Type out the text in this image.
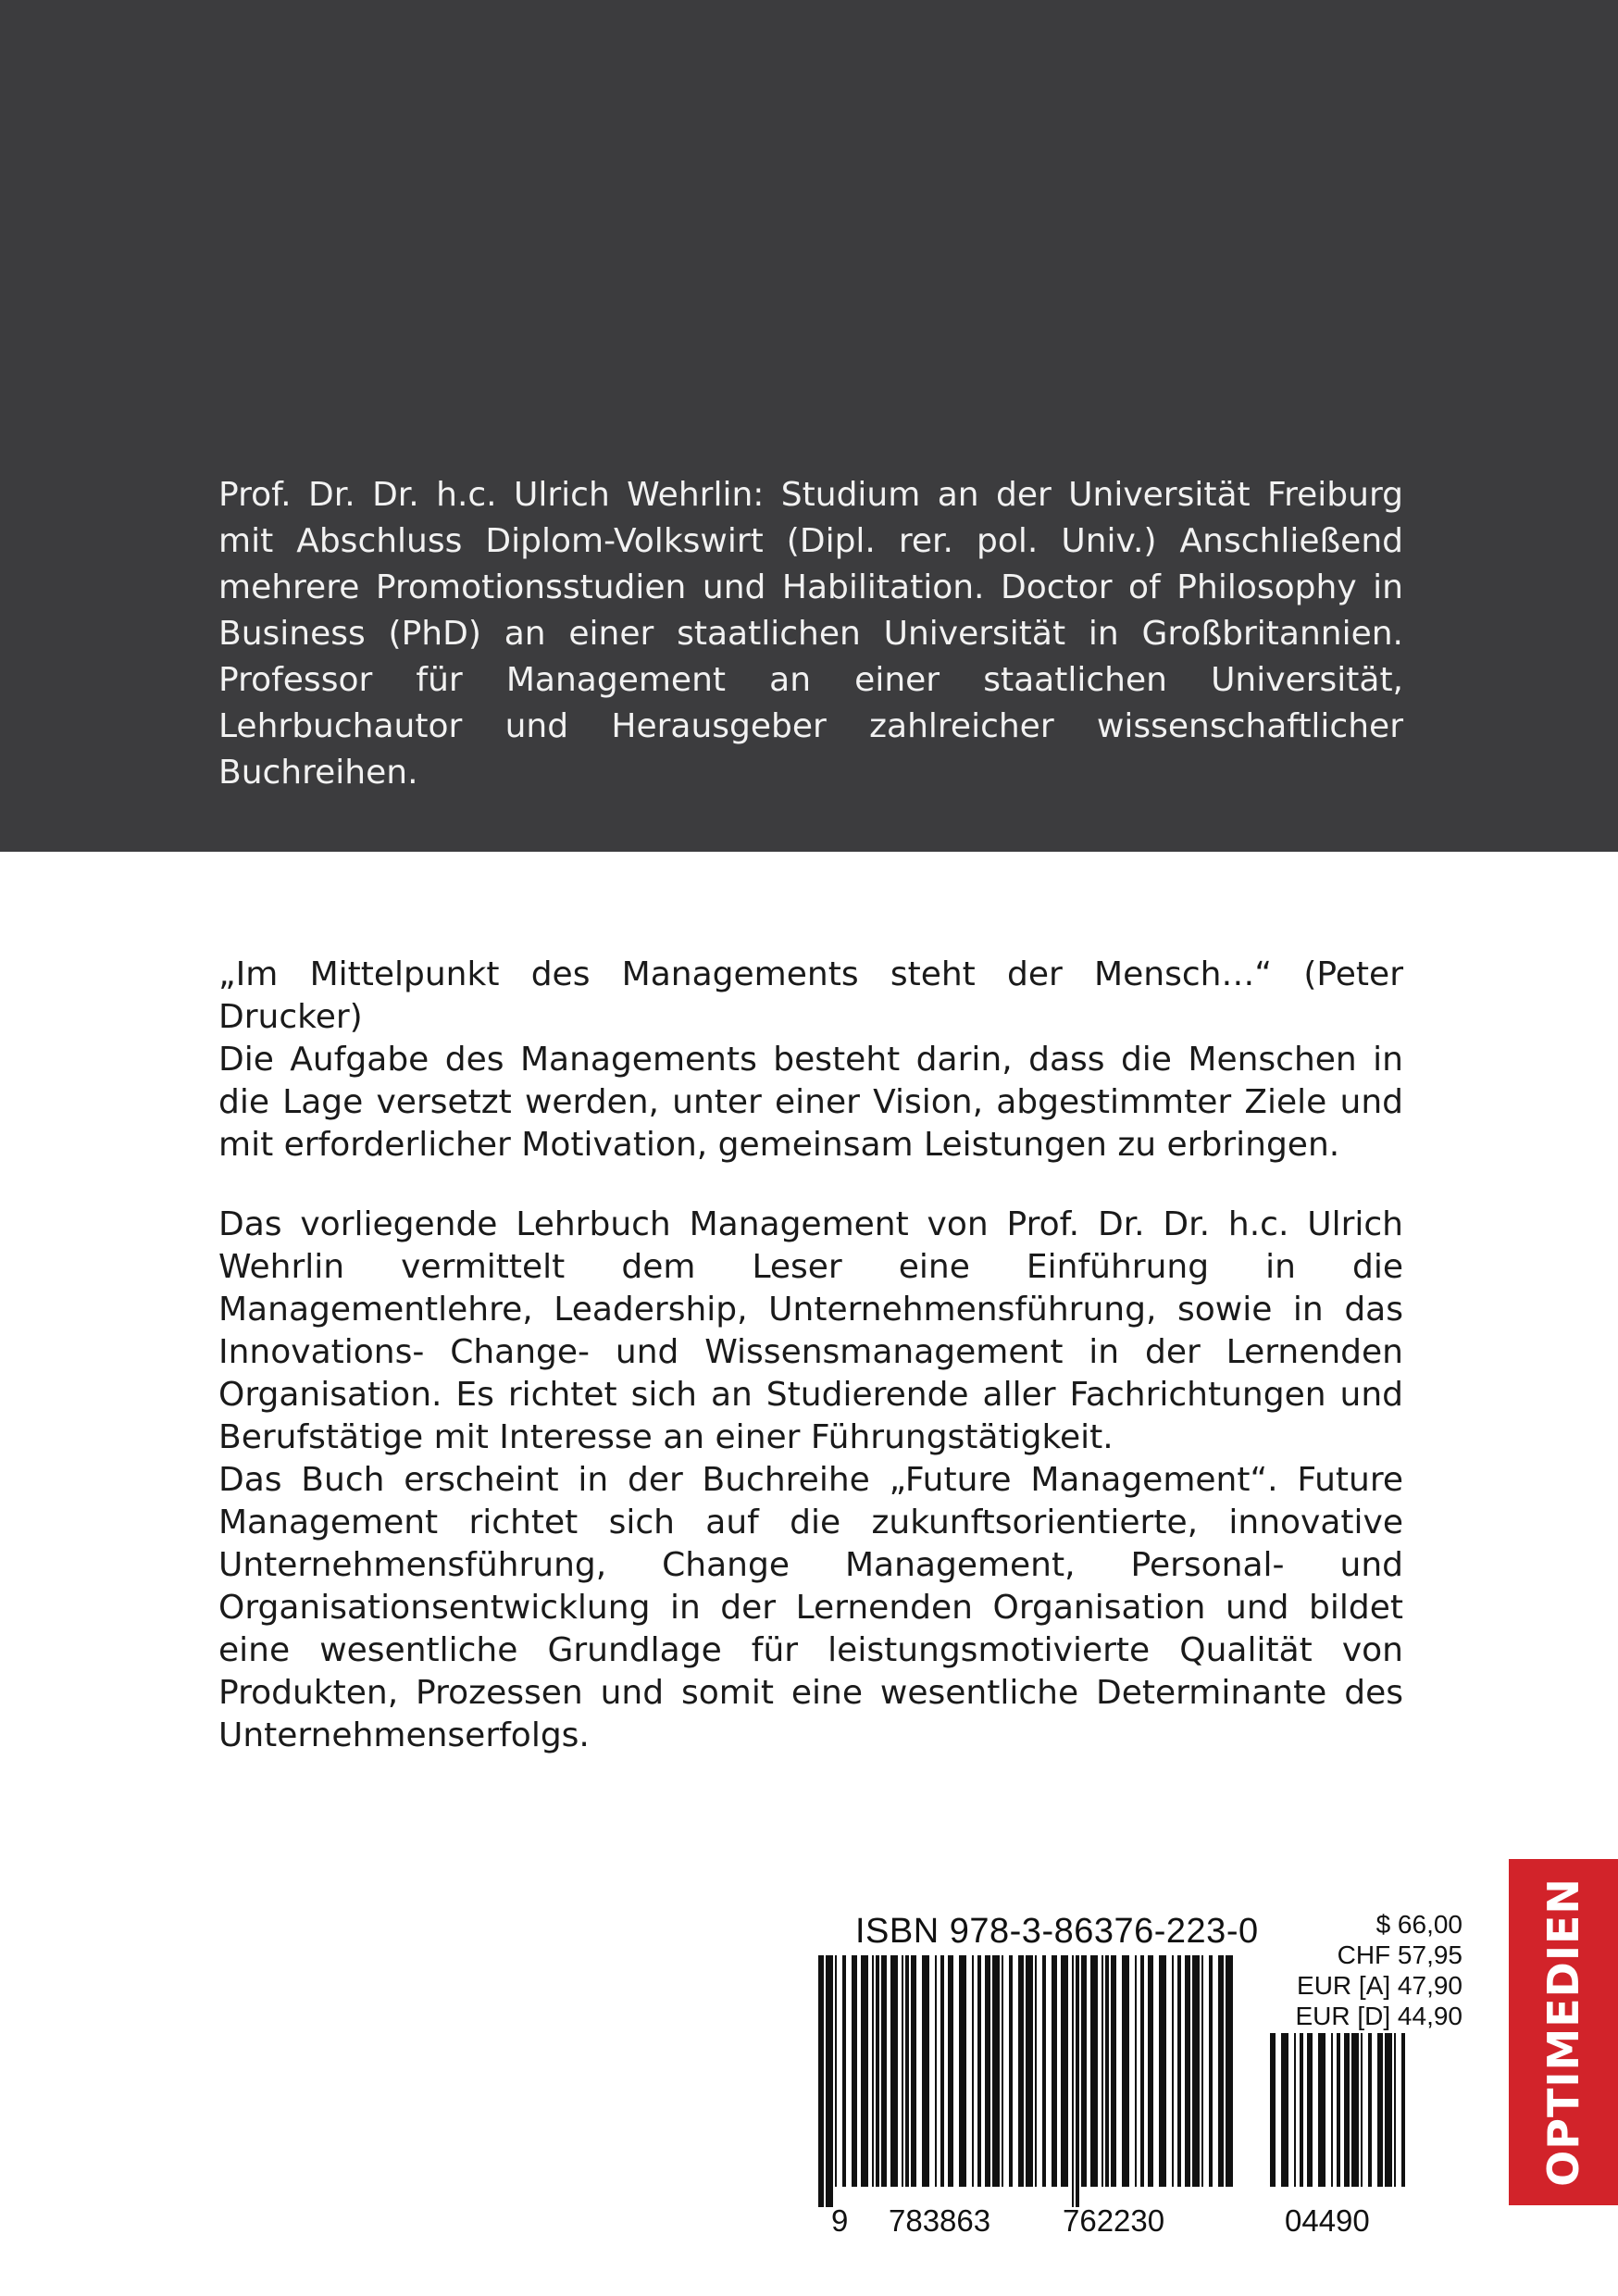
Prof. Dr. Dr. h.c. Ulrich Wehrlin: Studium an der Universität Freiburg mit Abschluss Diplom-Volkswirt (Dipl. rer. pol. Univ.) Anschließend mehrere Promotionsstudien und Habilitation. Doctor of Philosophy in Business (PhD) an einer staatlichen Universität in Großbritannien. Professor für Management an einer staatlichen Universität, Lehrbuchautor und Herausgeber zahlreicher wissenschaftlicher Buchreihen.

„Im Mittelpunkt des Managements steht der Mensch…“ (Peter Drucker)

Die Aufgabe des Managements besteht darin, dass die Menschen in die Lage versetzt werden, unter einer Vision, abgestimmter Ziele und mit erforderlicher Motivation, gemeinsam Leistungen zu erbringen.

Das vorliegende Lehrbuch Management von Prof. Dr. Dr. h.c. Ulrich Wehrlin vermittelt dem Leser eine Einführung in die Managementlehre, Leadership, Unternehmensführung, sowie in das Innovations- Change- und Wissensmanagement in der Lernenden Organisation. Es richtet sich an Studierende aller Fachrichtungen und Berufstätige mit Interesse an einer Führungstätigkeit.

Das Buch erscheint in der Buchreihe „Future Management“. Future Management richtet sich auf die zukunftsorientierte, innovative Unternehmensführung, Change Management, Personal- und Organisationsentwicklung in der Lernenden Organisation und bildet eine wesentliche Grundlage für leistungsmotivierte Qualität von Produkten, Prozessen und somit eine wesentliche Determinante des Unternehmenserfolgs.

ISBN 978-3-86376-223-0
9 783863 762230	04490
$ 66,00
CHF 57,95
EUR [A] 47,90
EUR [D] 44,90 OPTIMEDIEN
